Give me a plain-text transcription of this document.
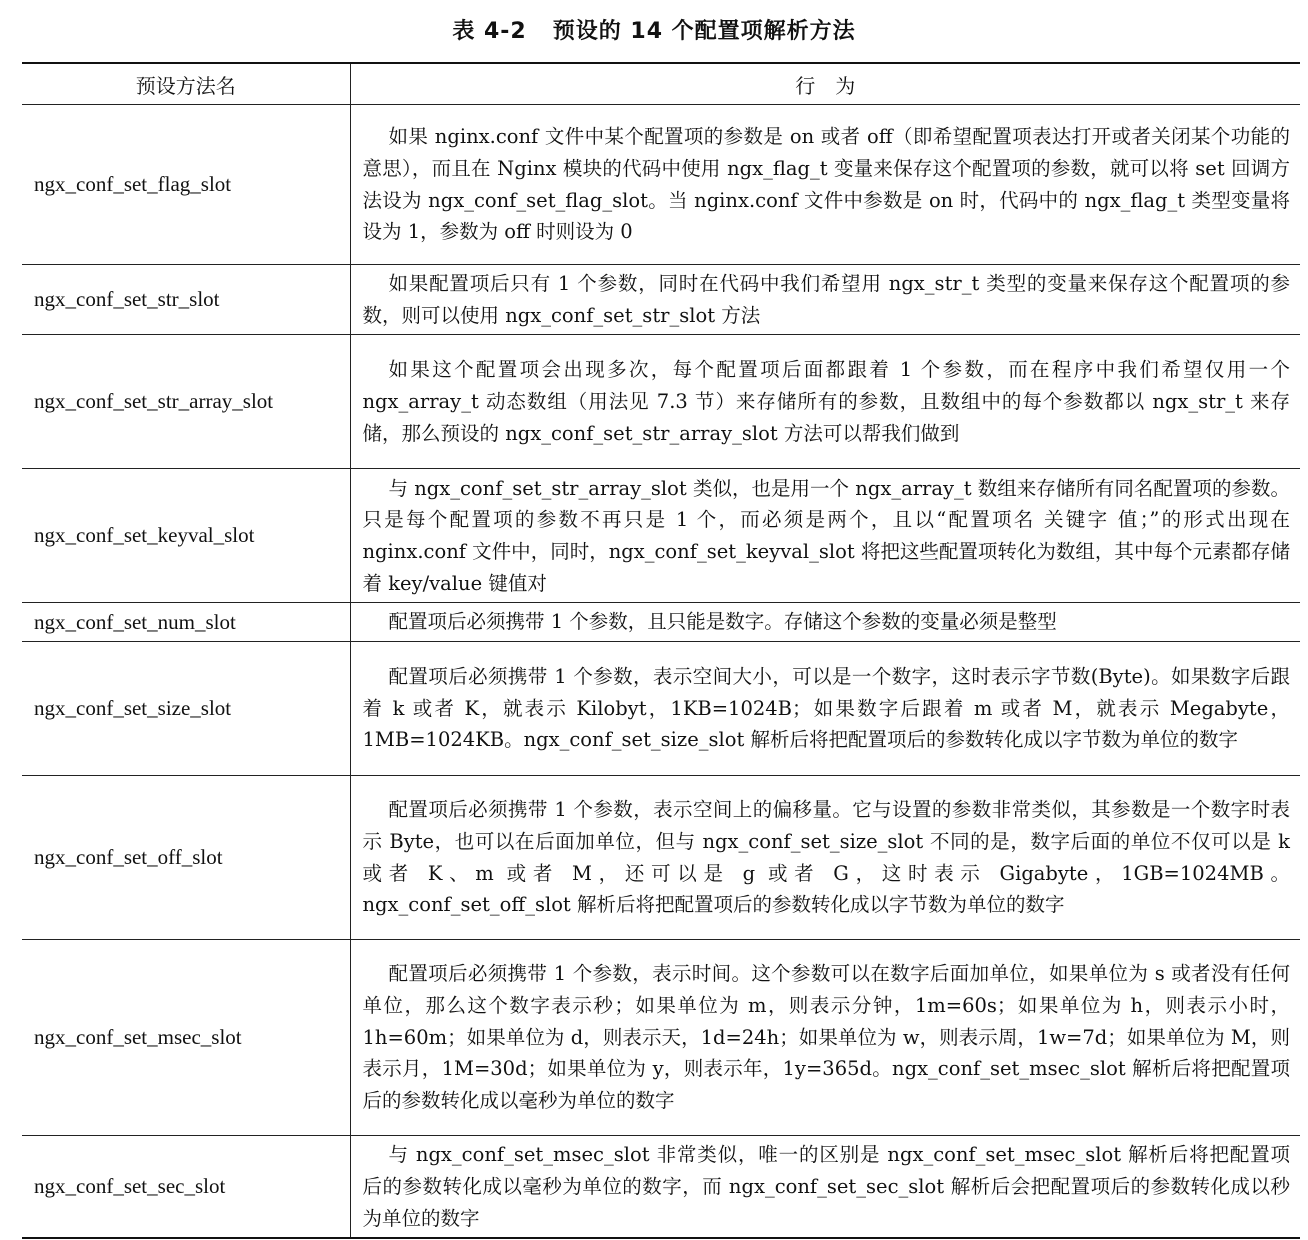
表 4-2 预设的 14 个配置项解析方法
预设方法名	行　为
ngx_conf_set_flag_slot	如果 nginx.conf 文件中某个配置项的参数是 on 或者 off（即希望配置项表达打开或者关闭某个功能的意思），而且在 Nginx 模块的代码中使用 ngx_flag_t 变量来保存这个配置项的参数，就可以将 set 回调方法设为 ngx_conf_set_flag_slot。当 nginx.conf 文件中参数是 on 时，代码中的 ngx_flag_t 类型变量将设为 1，参数为 off 时则设为 0
ngx_conf_set_str_slot	如果配置项后只有 1 个参数，同时在代码中我们希望用 ngx_str_t 类型的变量来保存这个配置项的参数，则可以使用 ngx_conf_set_str_slot 方法
ngx_conf_set_str_array_slot	如果这个配置项会出现多次，每个配置项后面都跟着 1 个参数，而在程序中我们希望仅用一个 ngx_array_t 动态数组（用法见 7.3 节）来存储所有的参数，且数组中的每个参数都以 ngx_str_t 来存储，那么预设的 ngx_conf_set_str_array_slot 方法可以帮我们做到
ngx_conf_set_keyval_slot	与 ngx_conf_set_str_array_slot 类似，也是用一个 ngx_array_t 数组来存储所有同名配置项的参数。只是每个配置项的参数不再只是 1 个，而必须是两个，且以“配置项名 关键字 值；”的形式出现在 nginx.conf 文件中，同时，ngx_conf_set_keyval_slot 将把这些配置项转化为数组，其中每个元素都存储着 key/value 键值对
ngx_conf_set_num_slot	配置项后必须携带 1 个参数，且只能是数字。存储这个参数的变量必须是整型
ngx_conf_set_size_slot	配置项后必须携带 1 个参数，表示空间大小，可以是一个数字，这时表示字节数(Byte)。如果数字后跟着 k 或者 K，就表示 Kilobyt，1KB=1024B；如果数字后跟着 m 或者 M，就表示 Megabyte，1MB=1024KB。ngx_conf_set_size_slot 解析后将把配置项后的参数转化成以字节数为单位的数字
ngx_conf_set_off_slot	配置项后必须携带 1 个参数，表示空间上的偏移量。它与设置的参数非常类似，其参数是一个数字时表示 Byte，也可以在后面加单位，但与 ngx_conf_set_size_slot 不同的是，数字后面的单位不仅可以是 k 或者 K、m 或者 M，还可以是 g 或者 G，这时表示 Gigabyte，1GB=1024MB。ngx_conf_set_off_slot 解析后将把配置项后的参数转化成以字节数为单位的数字
ngx_conf_set_msec_slot	配置项后必须携带 1 个参数，表示时间。这个参数可以在数字后面加单位，如果单位为 s 或者没有任何单位，那么这个数字表示秒；如果单位为 m，则表示分钟，1m=60s；如果单位为 h，则表示小时，1h=60m；如果单位为 d，则表示天，1d=24h；如果单位为 w，则表示周，1w=7d；如果单位为 M，则表示月，1M=30d；如果单位为 y，则表示年，1y=365d。ngx_conf_set_msec_slot 解析后将把配置项后的参数转化成以毫秒为单位的数字
ngx_conf_set_sec_slot	与 ngx_conf_set_msec_slot 非常类似，唯一的区别是 ngx_conf_set_msec_slot 解析后将把配置项后的参数转化成以毫秒为单位的数字，而 ngx_conf_set_sec_slot 解析后会把配置项后的参数转化成以秒为单位的数字
